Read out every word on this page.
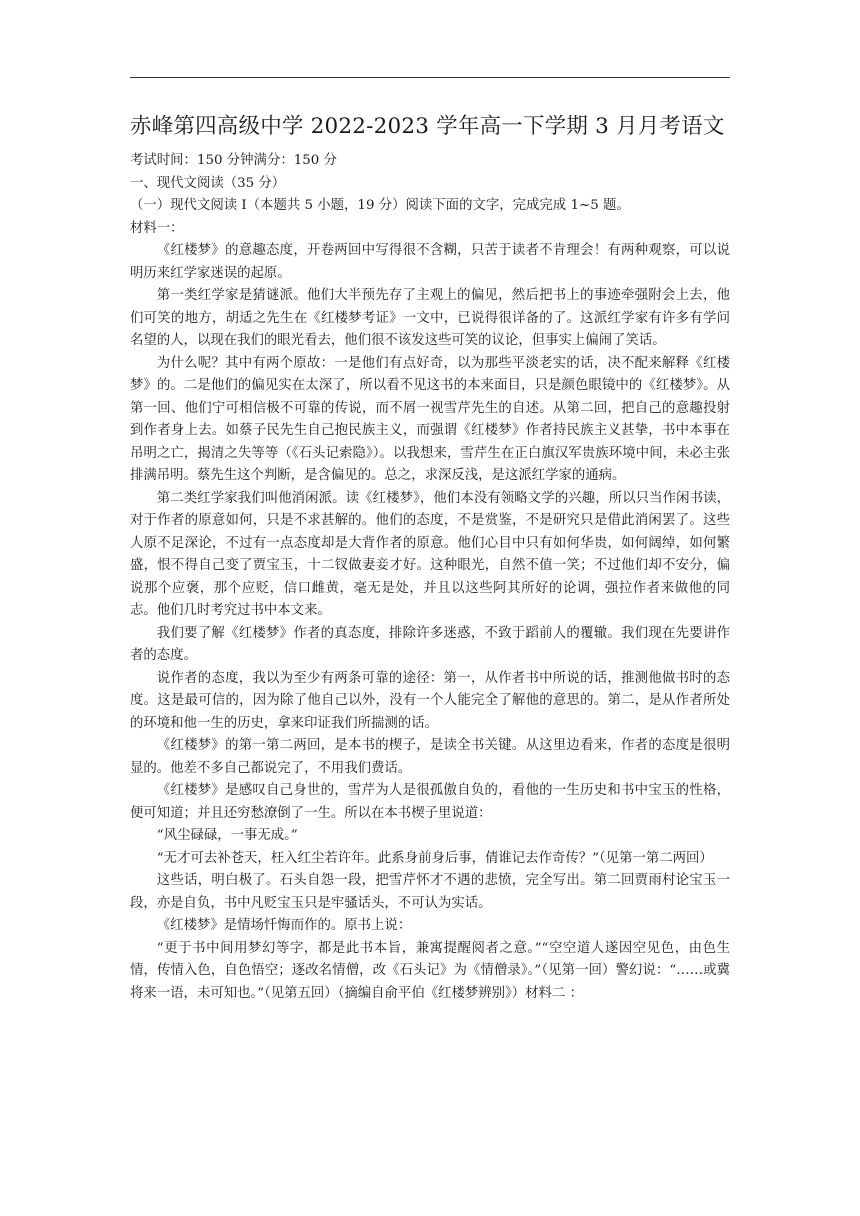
赤峰第四高级中学 2022-2023 学年高一下学期 3 月月考语文

考试时间：150 分钟满分：150 分

一、现代文阅读（35 分）

（一）现代文阅读 I（本题共 5 小题，19 分）阅读下面的文字，完成完成 1~5 题。

材料一：

《红楼梦》的意趣态度，开卷两回中写得很不含糊，只苦于读者不肯理会！有两种观察，可以说明历来红学家迷误的起原。

第一类红学家是猜谜派。他们大半预先存了主观上的偏见，然后把书上的事迹牵强附会上去，他们可笑的地方，胡适之先生在《红楼梦考证》一文中，已说得很详备的了。这派红学家有许多有学问名望的人，以现在我们的眼光看去，他们很不该发这些可笑的议论，但事实上偏闹了笑话。

为什么呢？其中有两个原故：一是他们有点好奇，以为那些平淡老实的话，决不配来解释《红楼梦》的。二是他们的偏见实在太深了，所以看不见这书的本来面目，只是颜色眼镜中的《红楼梦》。从第一回、他们宁可相信极不可靠的传说，而不屑一视雪芹先生的自述。从第二回，把自己的意趣投射到作者身上去。如蔡子民先生自己抱民族主义，而强谓《红楼梦》作者持民族主义甚挚，书中本事在吊明之亡，揭清之失等等（《石头记索隐》）。以我想来，雪芹生在正白旗汉军贵族环境中间，未必主张排满吊明。蔡先生这个判断，是含偏见的。总之，求深反浅，是这派红学家的通病。

第二类红学家我们叫他消闲派。读《红楼梦》，他们本没有领略文学的兴趣，所以只当作闲书读，对于作者的原意如何，只是不求甚解的。他们的态度，不是赏鉴，不是研究只是借此消闲罢了。这些人原不足深论，不过有一点态度却是大背作者的原意。他们心目中只有如何华贵，如何阔绰，如何繁盛，恨不得自己变了贾宝玉，十二钗做妻妾才好。这种眼光，自然不值一笑；不过他们却不安分，偏说那个应褒，那个应贬，信口雌黄，毫无是处，并且以这些阿其所好的论调，强拉作者来做他的同志。他们几时考究过书中本文来。

我们要了解《红楼梦》作者的真态度，排除许多迷惑，不致于蹈前人的覆辙。我们现在先要讲作者的态度。

说作者的态度，我以为至少有两条可靠的途径：第一，从作者书中所说的话，推测他做书时的态度。这是最可信的，因为除了他自己以外，没有一个人能完全了解他的意思的。第二，是从作者所处的环境和他一生的历史，拿来印证我们所揣测的话。

《红楼梦》的第一第二两回，是本书的楔子，是读全书关键。从这里边看来，作者的态度是很明显的。他差不多自己都说完了，不用我们费话。

《红楼梦》是感叹自己身世的，雪芹为人是很孤傲自负的，看他的一生历史和书中宝玉的性格，便可知道；并且还穷愁潦倒了一生。所以在本书楔子里说道：

“风尘碌碌，一事无成。”

“无才可去补苍天，枉入红尘若许年。此系身前身后事，倩谁记去作奇传？”（见第一第二两回）

这些话，明白极了。石头自怨一段，把雪芹怀才不遇的悲愤，完全写出。第二回贾雨村论宝玉一段，亦是自负，书中凡贬宝玉只是牢骚话头，不可认为实话。

《红楼梦》是情场忏悔而作的。原书上说：

“更于书中间用梦幻等字，都是此书本旨，兼寓提醒阅者之意。”“空空道人遂因空见色，由色生情，传情入色，自色悟空；逐改名情僧，改《石头记》为《情僧录》。”（见第一回）警幻说：“……或冀将来一语，未可知也。”（见第五回）（摘编自俞平伯《红楼梦辨别》）材料二 ：
